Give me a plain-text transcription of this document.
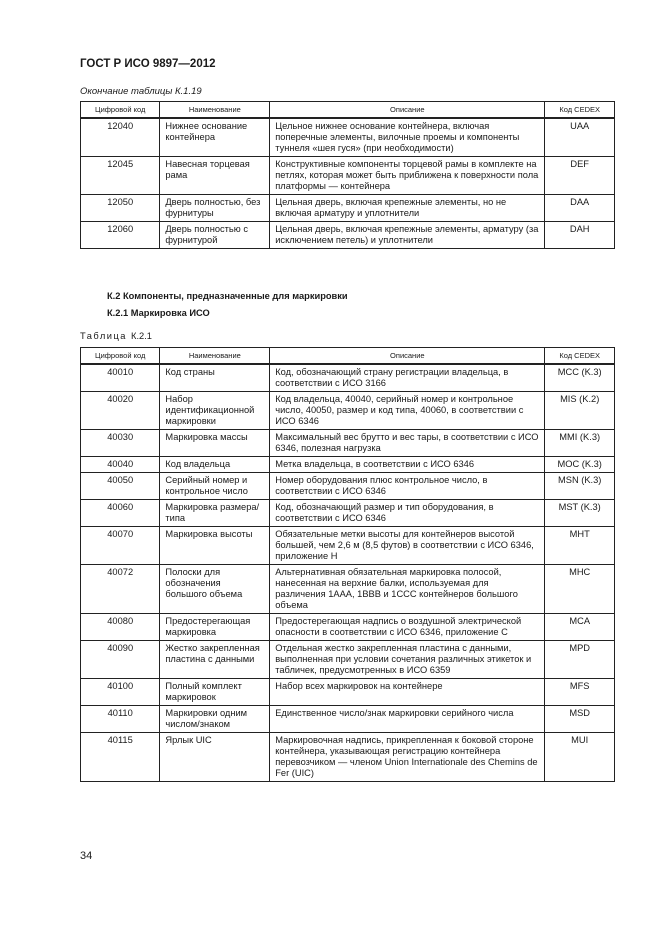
ГОСТ Р ИСО 9897—2012
Окончание таблицы К.1.19
Цифровой код	Наименование	Описание	Код CEDEX
12040	Нижнее основание контейнера	Цельное нижнее основание контейнера, включая поперечные элементы, вилочные проемы и компоненты туннеля «шея гуся» (при необходимости)	UAA
12045	Навесная торцевая рама	Конструктивные компоненты торцевой рамы в комплекте на петлях, которая может быть приближена к поверхности пола платформы — контейнера	DEF
12050	Дверь полностью, без фурнитуры	Цельная дверь, включая крепежные элементы, но не включая арматуру и уплотнители	DAA
12060	Дверь полностью с фурнитурой	Цельная дверь, включая крепежные элементы, арматуру (за исключением петель) и уплотнители	DAH
К.2 Компоненты, предназначенные для маркировки
К.2.1 Маркировка ИСО
Таблица К.2.1
Цифровой код	Наименование	Описание	Код CEDEX
40010	Код страны	Код, обозначающий страну регистрации владельца, в соответствии с ИСО 3166	MCC (K.3)
40020	Набор идентификационной маркировки	Код владельца, 40040, серийный номер и контрольное число, 40050, размер и код типа, 40060, в соответствии с ИСО 6346	MIS (K.2)
40030	Маркировка массы	Максимальный вес брутто и вес тары, в соответствии с ИСО 6346, полезная нагрузка	MMI (K.3)
40040	Код владельца	Метка владельца, в соответствии с ИСО 6346	MOC (K.3)
40050	Серийный номер и контрольное число	Номер оборудования плюс контрольное число, в соответствии с ИСО 6346	MSN (K.3)
40060	Маркировка размера/типа	Код, обозначающий размер и тип оборудования, в соответствии с ИСО 6346	MST (K.3)
40070	Маркировка высоты	Обязательные метки высоты для контейнеров высотой большей, чем 2,6 м (8,5 футов) в соответствии с ИСО 6346, приложение Н	MHT
40072	Полоски для обозначения большого объема	Альтернативная обязательная маркировка полосой, нанесенная на верхние балки, используемая для различения 1ААА, 1ВВВ и 1ССС контейнеров большого объема	MHC
40080	Предостерегающая маркировка	Предостерегающая надпись о воздушной электрической опасности в соответствии с ИСО 6346, приложение С	MCA
40090	Жестко закрепленная пластина с данными	Отдельная жестко закрепленная пластина с данными, выполненная при условии сочетания различных этикеток и табличек, предусмотренных в ИСО 6359	MPD
40100	Полный комплект маркировок	Набор всех маркировок на контейнере	MFS
40110	Маркировки одним числом/знаком	Единственное число/знак маркировки серийного числа	MSD
40115	Ярлык UIC	Маркировочная надпись, прикрепленная к боковой стороне контейнера, указывающая регистрацию контейнера перевозчиком — членом Union Internationale des Chemins de Fer (UIC)	MUI
34
